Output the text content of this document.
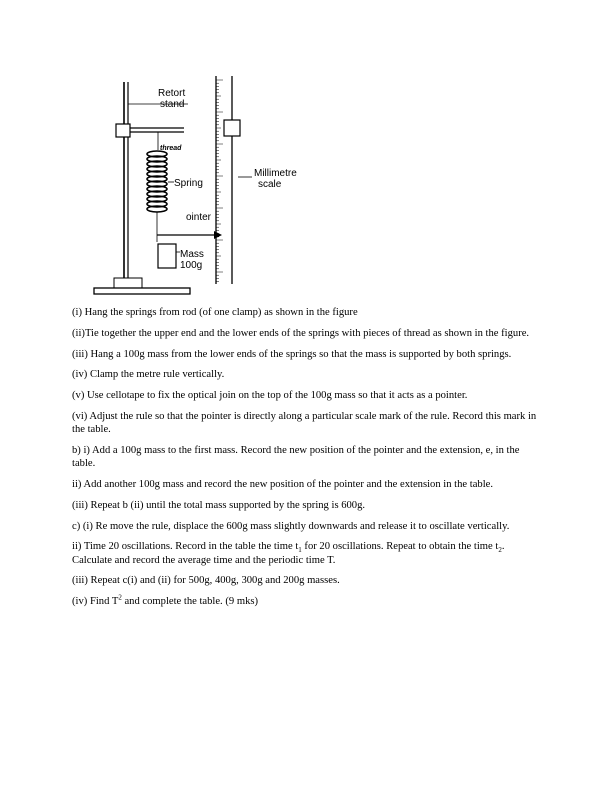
Retort
stand
thread
Spring
ointer
Mass
100g
Millimetre
scale

(i) Hang the springs from rod (of one clamp) as shown in the figure

(ii)Tie together the upper end and the lower ends of the springs with pieces of thread as shown in the figure.

(iii) Hang a 100g mass from the lower ends of the springs so that the mass is supported by both springs.

(iv) Clamp the metre rule vertically.

(v) Use cellotape to fix the optical join on the top of the 100g mass so that it acts as a pointer.

(vi) Adjust the rule so that the pointer is directly along a particular scale mark of the rule. Record this mark in the table.

b) i) Add a 100g mass to the first mass. Record the new position of the pointer and the extension, e, in the table.

ii) Add another 100g mass and record the new position of the pointer and the extension in the table.

(iii) Repeat b (ii) until the total mass supported by the spring is 600g.

c) (i) Re move the rule, displace the 600g mass slightly downwards and release it to oscillate vertically.

ii) Time 20 oscillations. Record in the table the time $t_1$ for 20 oscillations. Repeat to obtain the time $t_2$. Calculate and record the average time and the periodic time T.

(iii) Repeat c(i) and (ii) for 500g, 400g, 300g and 200g masses.

(iv) Find $T^2$ and complete the table. (9 mks)
